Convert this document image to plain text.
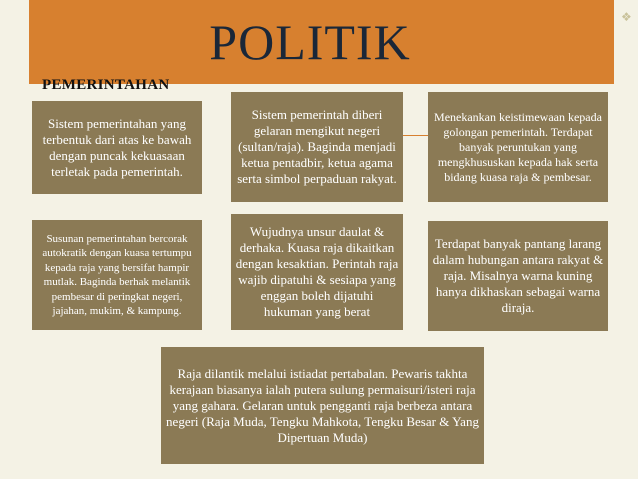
POLITIK
PEMERINTAHAN
❖
Sistem pemerintahan yang terbentuk dari atas ke bawah dengan puncak kekuasaan terletak pada pemerintah.
Sistem pemerintah diberi gelaran mengikut negeri (sultan/raja). Baginda menjadi ketua pentadbir, ketua agama serta simbol perpaduan rakyat.
Menekankan keistimewaan kepada golongan pemerintah. Terdapat banyak peruntukan yang mengkhususkan kepada hak serta bidang kuasa raja & pembesar.
Susunan pemerintahan bercorak autokratik dengan kuasa tertumpu kepada raja yang bersifat hampir mutlak. Baginda berhak melantik pembesar di peringkat negeri, jajahan, mukim, & kampung.
Wujudnya unsur daulat & derhaka. Kuasa raja dikaitkan dengan kesaktian. Perintah raja wajib dipatuhi & sesiapa yang enggan boleh dijatuhi hukuman yang berat
Terdapat banyak pantang larang dalam hubungan antara rakyat & raja. Misalnya warna kuning hanya dikhaskan sebagai warna diraja.
Raja dilantik melalui istiadat pertabalan. Pewaris takhta kerajaan biasanya ialah putera sulung permaisuri/isteri raja yang gahara. Gelaran untuk pengganti raja berbeza antara negeri (Raja Muda, Tengku Mahkota, Tengku Besar & Yang Dipertuan Muda)
